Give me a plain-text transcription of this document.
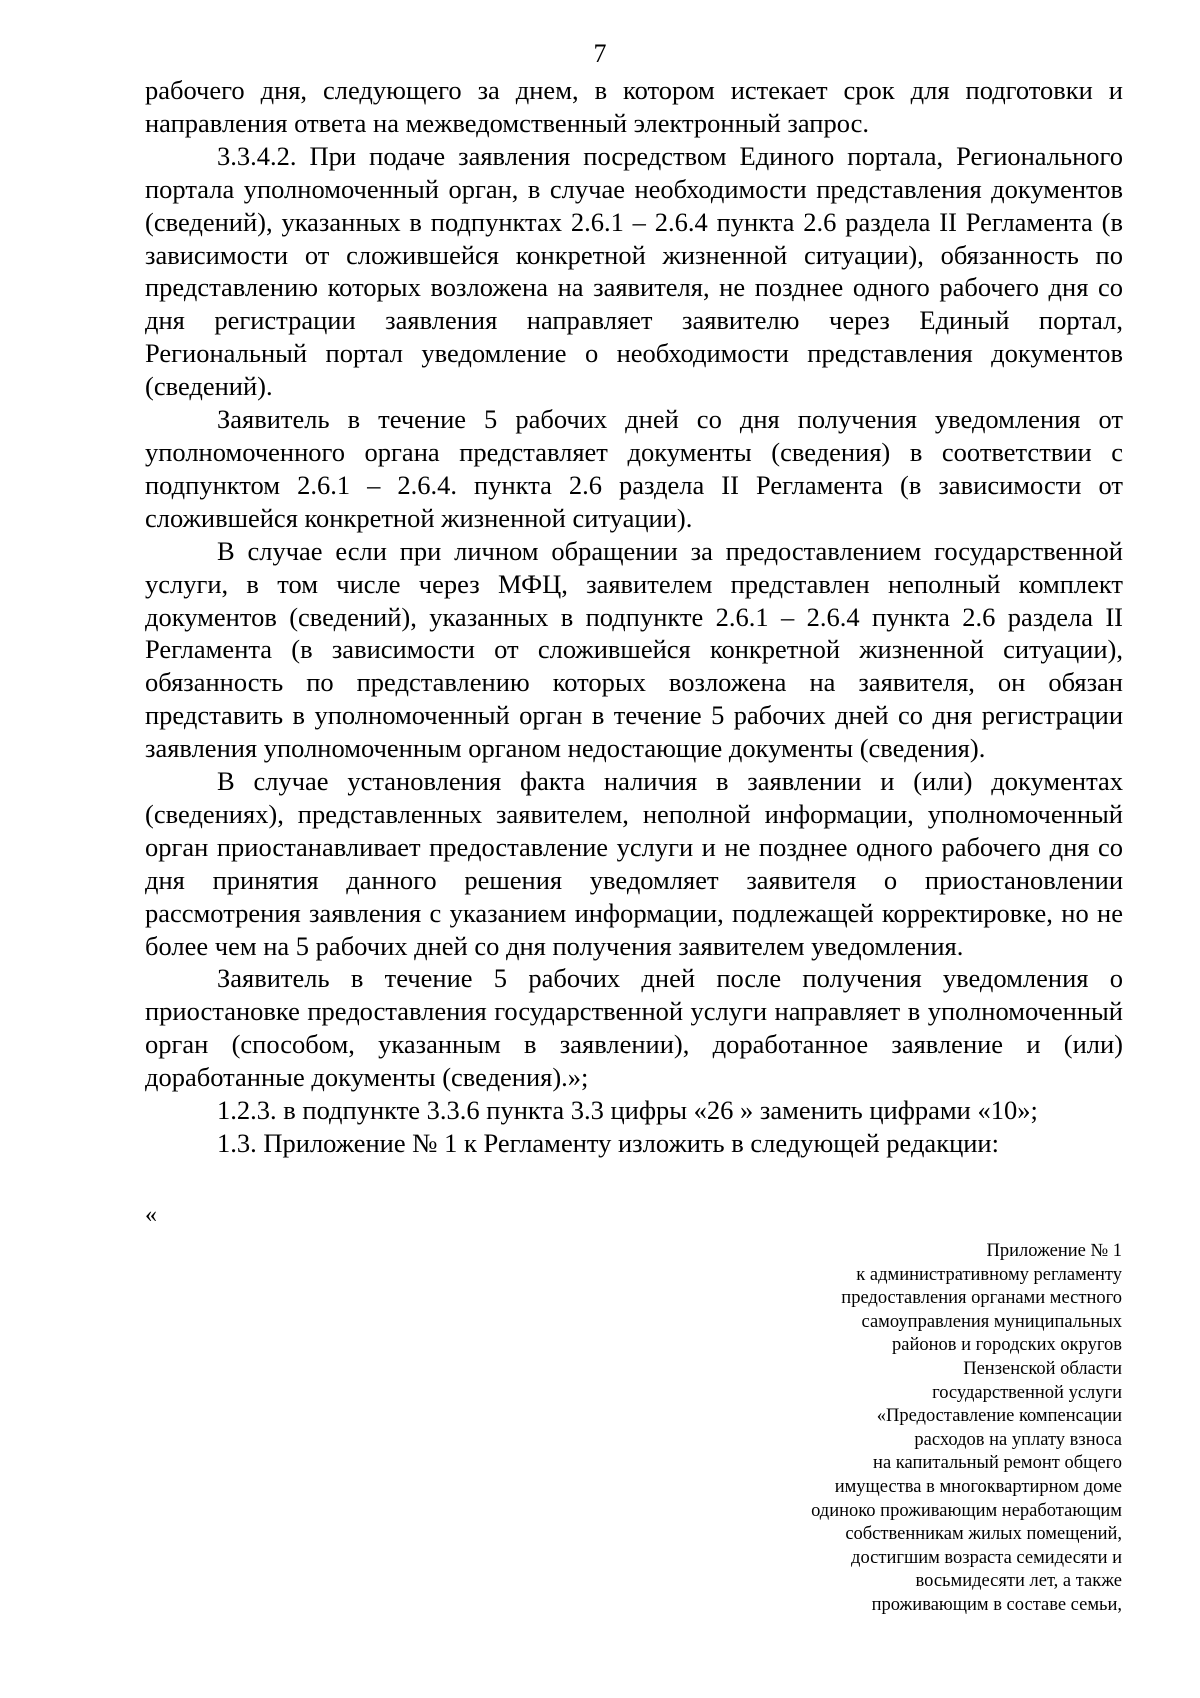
7

рабочего дня, следующего за днем, в котором истекает срок для подготовки и направления ответа на межведомственный электронный запрос.

3.3.4.2. При подаче заявления посредством Единого портала, Регионального портала уполномоченный орган, в случае необходимости представления документов (сведений), указанных в подпунктах 2.6.1 – 2.6.4 пункта 2.6 раздела II Регламента (в зависимости от сложившейся конкретной жизненной ситуации), обязанность по представлению которых возложена на заявителя, не позднее одного рабочего дня со дня регистрации заявления направляет заявителю через Единый портал, Региональный портал уведомление о необходимости представления документов (сведений).

Заявитель в течение 5 рабочих дней со дня получения уведомления от уполномоченного органа представляет документы (сведения) в соответствии с подпунктом 2.6.1 – 2.6.4. пункта 2.6 раздела II Регламента (в зависимости от сложившейся конкретной жизненной ситуации).

В случае если при личном обращении за предоставлением государственной услуги, в том числе через МФЦ, заявителем представлен неполный комплект документов (сведений), указанных в подпункте 2.6.1 – 2.6.4 пункта 2.6 раздела II Регламента (в зависимости от сложившейся конкретной жизненной ситуации), обязанность по представлению которых возложена на заявителя, он обязан представить в уполномоченный орган в течение 5 рабочих дней со дня регистрации заявления уполномоченным органом недостающие документы (сведения).

В случае установления факта наличия в заявлении и (или) документах (сведениях), представленных заявителем, неполной информации, уполномоченный орган приостанавливает предоставление услуги и не позднее одного рабочего дня со дня принятия данного решения уведомляет заявителя о приостановлении рассмотрения заявления с указанием информации, подлежащей корректировке, но не более чем на 5 рабочих дней со дня получения заявителем уведомления.

Заявитель в течение 5 рабочих дней после получения уведомления о приостановке предоставления государственной услуги направляет в уполномоченный орган (способом, указанным в заявлении), доработанное заявление и (или) доработанные документы (сведения).»;

1.2.3. в подпункте 3.3.6 пункта 3.3 цифры «26 » заменить цифрами «10»;

1.3. Приложение № 1 к Регламенту изложить в следующей редакции:

«
Приложение № 1
к административному регламенту
предоставления органами местного
самоуправления муниципальных
районов и городских округов
Пензенской области
государственной услуги
«Предоставление компенсации
расходов на уплату взноса
на капитальный ремонт общего
имущества в многоквартирном доме
одиноко проживающим неработающим
собственникам жилых помещений,
достигшим возраста семидесяти и
восьмидесяти лет, а также
проживающим в составе семьи,
